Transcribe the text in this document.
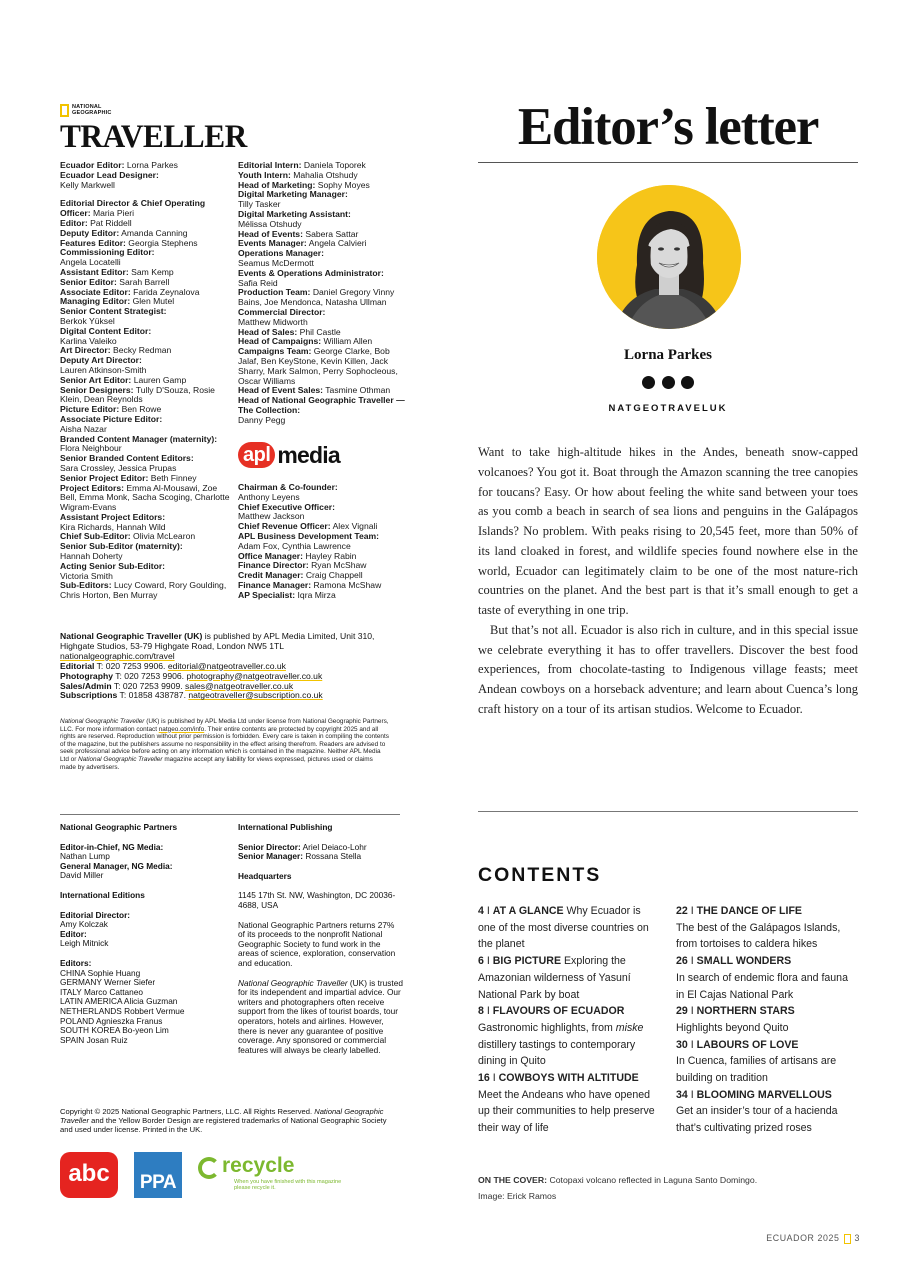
NATIONAL GEOGRAPHIC
TRAVELLER

Ecuador Editor: Lorna Parkes

Ecuador Lead Designer:
Kelly Markwell

Editorial Director & Chief Operating Officer: Maria Pieri

Editor: Pat Riddell

Deputy Editor: Amanda Canning

Features Editor: Georgia Stephens

Commissioning Editor:
Angela Locatelli

Assistant Editor: Sam Kemp

Senior Editor: Sarah Barrell

Associate Editor: Farida Zeynalova

Managing Editor: Glen Mutel

Senior Content Strategist:
Berkok Yüksel

Digital Content Editor:
Karlina Valeiko

Art Director: Becky Redman

Deputy Art Director:
Lauren Atkinson-Smith

Senior Art Editor: Lauren Gamp

Senior Designers: Tully D'Souza, Rosie Klein, Dean Reynolds

Picture Editor: Ben Rowe

Associate Picture Editor:
Aisha Nazar

Branded Content Manager (maternity): Flora Neighbour

Senior Branded Content Editors:
Sara Crossley, Jessica Prupas

Senior Project Editor: Beth Finney

Project Editors: Emma Al-Mousawi, Zoe Bell, Emma Monk, Sacha Scoging, Charlotte Wigram-Evans

Assistant Project Editors:
Kira Richards, Hannah Wild

Chief Sub-Editor: Olivia McLearon

Senior Sub-Editor (maternity):
Hannah Doherty

Acting Senior Sub-Editor:
Victoria Smith

Sub-Editors: Lucy Coward, Rory Goulding, Chris Horton, Ben Murray

Editorial Intern: Daniela Toporek

Youth Intern: Mahalia Otshudy

Head of Marketing: Sophy Moyes

Digital Marketing Manager:
Tilly Tasker

Digital Marketing Assistant:
Mélissa Otshudy

Head of Events: Sabera Sattar

Events Manager: Angela Calvieri

Operations Manager:
Seamus McDermott

Events & Operations Administrator:
Safia Reid

Production Team: Daniel Gregory Vinny Bains, Joe Mendonca, Natasha Ullman

Commercial Director:
Matthew Midworth

Head of Sales: Phil Castle

Head of Campaigns: William Allen

Campaigns Team: George Clarke, Bob Jalaf, Ben KeyStone, Kevin Killen, Jack Sharry, Mark Salmon, Perry Sophocleous, Oscar Williams

Head of Event Sales: Tasmine Othman

Head of National Geographic Traveller — The Collection:
Danny Pegg

apl media

Chairman & Co-founder:
Anthony Leyens

Chief Executive Officer:
Matthew Jackson

Chief Revenue Officer: Alex Vignali

APL Business Development Team:
Adam Fox, Cynthia Lawrence

Office Manager: Hayley Rabin

Finance Director: Ryan McShaw

Credit Manager: Craig Chappell

Finance Manager: Ramona McShaw

AP Specialist: Iqra Mirza

National Geographic Traveller (UK) is published by APL Media Limited, Unit 310, Highgate Studios, 53-79 Highgate Road, London NW5 1TL

nationalgeographic.com/travel

Editorial T: 020 7253 9906. editorial@natgeotraveller.co.uk

Photography T: 020 7253 9906. photography@natgeotraveller.co.uk

Sales/Admin T: 020 7253 9909. sales@natgeotraveller.co.uk

Subscriptions T: 01858 438787. natgeotraveller@subscription.co.uk

National Geographic Traveller (UK) is published by APL Media Ltd under license from National Geographic Partners, LLC. For more information contact natgeo.com/info. Their entire contents are protected by copyright 2025 and all rights are reserved. Reproduction without prior permission is forbidden. Every care is taken in compiling the contents of the magazine, but the publishers assume no responsibility in the effect arising therefrom. Readers are advised to seek professional advice before acting on any information which is contained in the magazine. Neither APL Media Ltd or National Geographic Traveller magazine accept any liability for views expressed, pictures used or claims made by advertisers.

National Geographic Partners

Editor-in-Chief, NG Media:
Nathan Lump

General Manager, NG Media:
David Miller

International Editions

Editorial Director:
Amy Kolczak

Editor:
Leigh Mitnick

Editors:

CHINA Sophie Huang

GERMANY Werner Siefer

ITALY Marco Cattaneo

LATIN AMERICA Alicia Guzman

NETHERLANDS Robbert Vermue

POLAND Agnieszka Franus

SOUTH KOREA Bo-yeon Lim

SPAIN Josan Ruiz

International Publishing

Senior Director: Ariel Deiaco-Lohr

Senior Manager: Rossana Stella

Headquarters

1145 17th St. NW, Washington, DC 20036-4688, USA

National Geographic Partners returns 27% of its proceeds to the nonprofit National Geographic Society to fund work in the areas of science, exploration, conservation and education.

National Geographic Traveller (UK) is trusted for its independent and impartial advice. Our writers and photographers often receive support from the likes of tourist boards, tour operators, hotels and airlines. However, there is never any guarantee of positive coverage. Any sponsored or commercial features will always be clearly labelled.

Copyright © 2025 National Geographic Partners, LLC. All Rights Reserved. National Geographic Traveller and the Yellow Border Design are registered trademarks of National Geographic Society and used under license. Printed in the UK.
abc	PPA
recycle
When you have finished with this magazine please recycle it.
Editor’s letter
Lorna Parkes

NATGEOTRAVELUK

Want to take high-altitude hikes in the Andes, beneath snow-capped volcanoes? You got it. Boat through the Amazon scanning the tree canopies for toucans? Easy. Or how about feeling the white sand between your toes as you comb a beach in search of sea lions and penguins in the Galápagos Islands? No problem. With peaks rising to 20,545 feet, more than 50% of its land cloaked in forest, and wildlife species found nowhere else in the world, Ecuador can legitimately claim to be one of the most nature-rich countries on the planet. And the best part is that it’s small enough to get a taste of everything in one trip.

But that’s not all. Ecuador is also rich in culture, and in this special issue we celebrate everything it has to offer travellers. Discover the best food experiences, from chocolate-tasting to Indigenous village feasts; meet Andean cowboys on a horseback adventure; and learn about Cuenca’s long craft history on a tour of its artisan studios. Welcome to Ecuador.

CONTENTS

4 I AT A GLANCE Why Ecuador is one of the most diverse countries on the planet

6 I BIG PICTURE Exploring the Amazonian wilderness of Yasuní National Park by boat

8 I FLAVOURS OF ECUADOR
Gastronomic highlights, from miske distillery tastings to contemporary dining in Quito

16 I COWBOYS WITH ALTITUDE
Meet the Andeans who have opened up their communities to help preserve their way of life

22 I THE DANCE OF LIFE
The best of the Galápagos Islands, from tortoises to caldera hikes

26 I SMALL WONDERS
In search of endemic flora and fauna in El Cajas National Park

29 I NORTHERN STARS
Highlights beyond Quito

30 I LABOURS OF LOVE
In Cuenca, families of artisans are building on tradition

34 I BLOOMING MARVELLOUS
Get an insider’s tour of a hacienda that’s cultivating prized roses

ON THE COVER: Cotopaxi volcano reflected in Laguna Santo Domingo. Image: Erick Ramos
ECUADOR 2025 3
